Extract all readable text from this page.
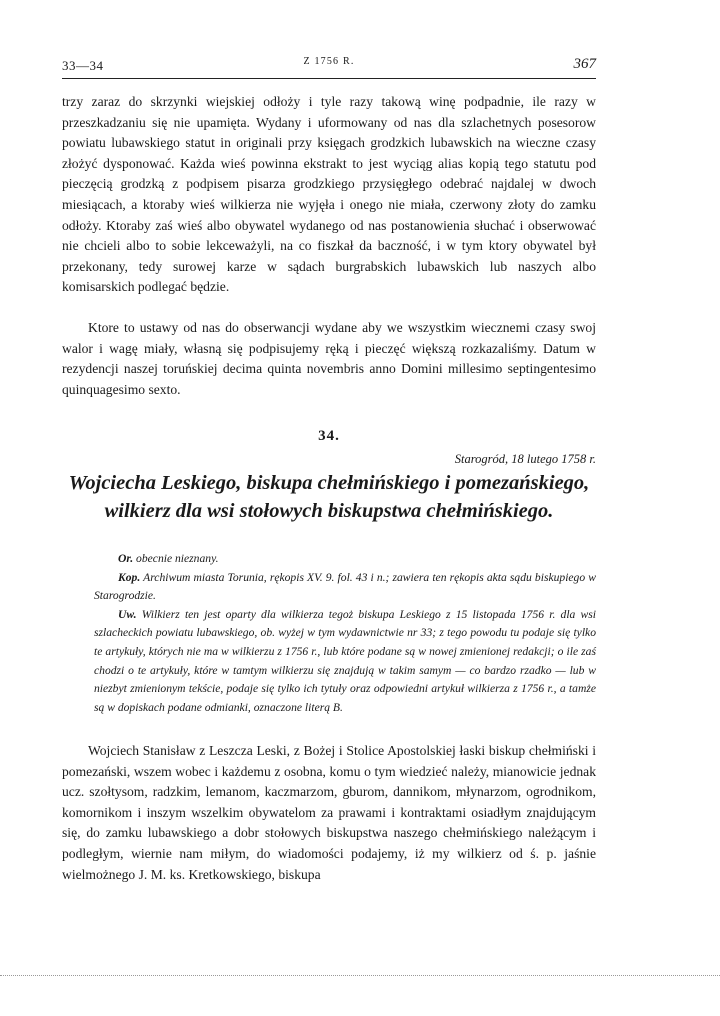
33—34	Z 1756 R.	367
trzy zaraz do skrzynki wiejskiej odłoży i tyle razy takową winę podpadnie, ile razy w przeszkadzaniu się nie upamięta. Wydany i uformowany od nas dla szlachetnych posesorow powiatu lubawskiego statut in originali przy księgach grodzkich lubawskich na wieczne czasy złożyć dysponować. Każda wieś powinna ekstrakt to jest wyciąg alias kopią tego statutu pod pieczęcią grodzką z podpisem pisarza grodzkiego przysięgłego odebrać najdalej w dwoch miesiącach, a ktoraby wieś wilkierza nie wyjęła i onego nie miała, czerwony złoty do zamku odłoży. Ktoraby zaś wieś albo obywatel wydanego od nas postanowienia słuchać i obserwować nie chcieli albo to sobie lekceważyli, na co fiszkał da baczność, i w tym ktory obywatel był przekonany, tedy surowej karze w sądach burgrabskich lubawskich lub naszych albo komisarskich podlegać będzie.
Ktore to ustawy od nas do obserwancji wydane aby we wszystkim wiecznemi czasy swoj walor i wagę miały, własną się podpisujemy ręką i pieczęć większą rozkazaliśmy. Datum w rezydencji naszej toruńskiej decima quinta novembris anno Domini millesimo septingentesimo quinquagesimo sexto.
34.
Starogród, 18 lutego 1758 r.
Wojciecha Leskiego, biskupa chełmińskiego i pomezańskiego, wilkierz dla wsi stołowych biskupstwa chełmińskiego.
Or. obecnie nieznany.
Kop. Archiwum miasta Torunia, rękopis XV. 9. fol. 43 i n.; zawiera ten rękopis akta sądu biskupiego w Starogrodzie.
Uw. Wilkierz ten jest oparty dla wilkierza tegoż biskupa Leskiego z 15 listopada 1756 r. dla wsi szlacheckich powiatu lubawskiego, ob. wyżej w tym wydawnictwie nr 33; z tego powodu tu podaje się tylko te artykuły, których nie ma w wilkierzu z 1756 r., lub które podane są w nowej zmienionej redakcji; o ile zaś chodzi o te artykuły, które w tamtym wilkierzu się znajdują w takim samym — co bardzo rzadko — lub w niezbyt zmienionym tekście, podaje się tylko ich tytuły oraz odpowiedni artykuł wilkierza z 1756 r., a tamże są w dopiskach podane odmianki, oznaczone literą B.
Wojciech Stanisław z Leszcza Leski, z Bożej i Stolice Apostolskiej łaski biskup chełmiński i pomezański, wszem wobec i każdemu z osobna, komu o tym wiedzieć należy, mianowicie jednak ucz. szołtysom, radzkim, lemanom, kaczmarzom, gburom, dannikom, młynarzom, ogrodnikom, komornikom i inszym wszelkim obywatelom za prawami i kontraktami osiadłym znajdującym się, do zamku lubawskiego a dobr stołowych biskupstwa naszego chełmińskiego należącym i podległym, wiernie nam miłym, do wiadomości podajemy, iż my wilkierz od ś. p. jaśnie wielmożnego J. M. ks. Kretkowskiego, biskupa
